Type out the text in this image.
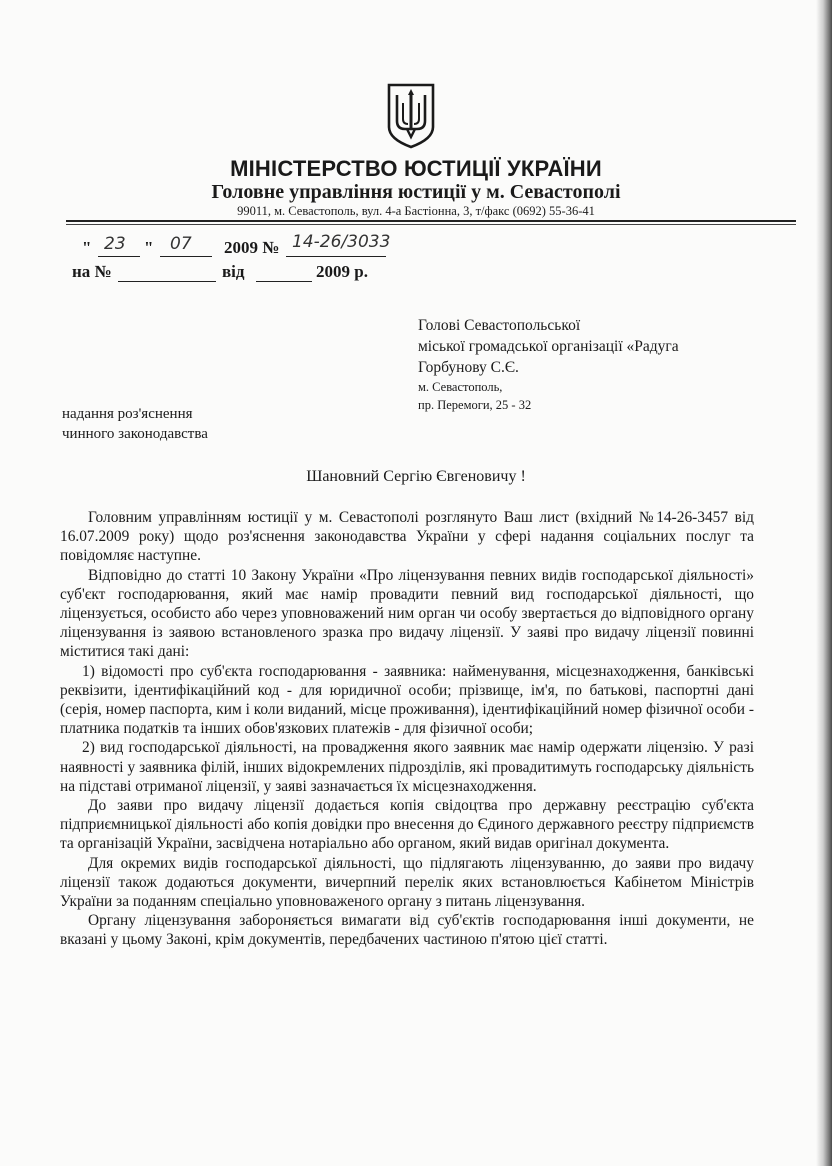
МІНІСТЕРСТВО ЮСТИЦІЇ УКРАЇНИ
Головне управління юстиції у м. Севастополі
99011, м. Севастополь, вул. 4-а Бастіонна, 3, т/факс (0692) 55-36-41
" 23 " 07 2009 № 14-26/3033
на №	від	2009 р.
Голові Севастопольської
міської громадської організації «Радуга
Горбунову С.Є.
м. Севастополь,
пр. Перемоги, 25 - 32
надання роз'яснення
чинного законодавства
Шановний Сергію Євгеновичу !

Головним управлінням юстиції у м. Севастополі розглянуто Ваш лист (вхідний №14-26-3457 від 16.07.2009 року) щодо роз'яснення законодавства України у сфері надання соціальних послуг та повідомляє наступне.

Відповідно до статті 10 Закону України «Про ліцензування певних видів господарської діяльності» суб'єкт господарювання, який має намір провадити певний вид господарської діяльності, що ліцензується, особисто або через уповноважений ним орган чи особу звертається до відповідного органу ліцензування із заявою встановленого зразка про видачу ліцензії. У заяві про видачу ліцензії повинні міститися такі дані:

1) відомості про суб'єкта господарювання - заявника: найменування, місцезнаходження, банківські реквізити, ідентифікаційний код - для юридичної особи; прізвище, ім'я, по батькові, паспортні дані (серія, номер паспорта, ким і коли виданий, місце проживання), ідентифікаційний номер фізичної особи - платника податків та інших обов'язкових платежів - для фізичної особи;

2) вид господарської діяльності, на провадження якого заявник має намір одержати ліцензію. У разі наявності у заявника філій, інших відокремлених підрозділів, які провадитимуть господарську діяльність на підставі отриманої ліцензії, у заяві зазначається їх місцезнаходження.

До заяви про видачу ліцензії додається копія свідоцтва про державну реєстрацію суб'єкта підприємницької діяльності або копія довідки про внесення до Єдиного державного реєстру підприємств та організацій України, засвідчена нотаріально або органом, який видав оригінал документа.

Для окремих видів господарської діяльності, що підлягають ліцензуванню, до заяви про видачу ліцензії також додаються документи, вичерпний перелік яких встановлюється Кабінетом Міністрів України за поданням спеціально уповноваженого органу з питань ліцензування.

Органу ліцензування забороняється вимагати від суб'єктів господарювання інші документи, не вказані у цьому Законі, крім документів, передбачених частиною п'ятою цієї статті.
